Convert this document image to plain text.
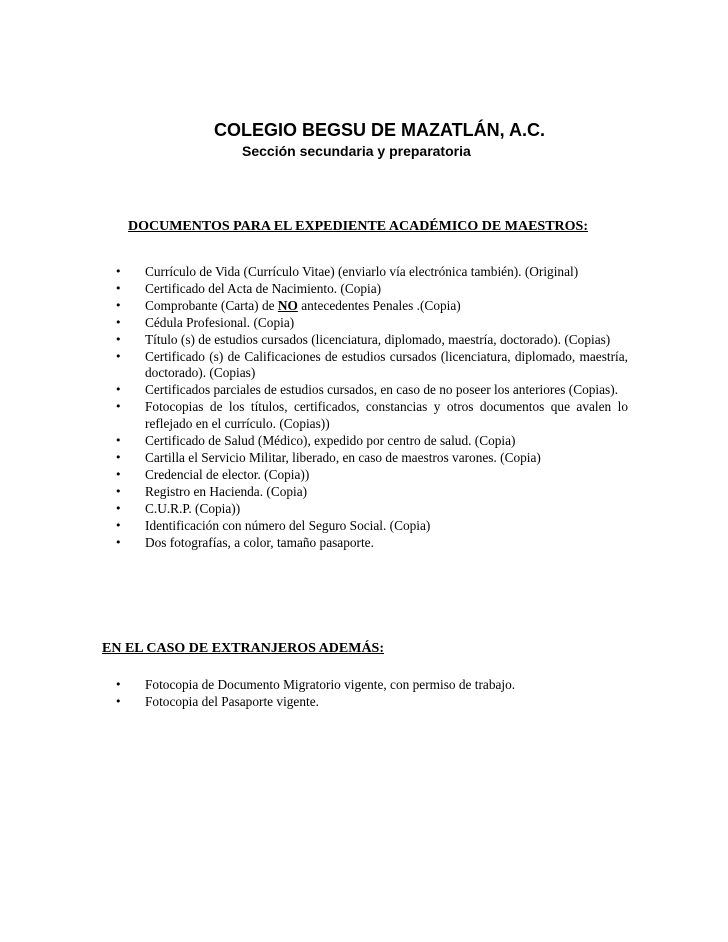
COLEGIO BEGSU DE MAZATLÁN, A.C.
Sección secundaria y preparatoria
DOCUMENTOS PARA EL EXPEDIENTE ACADÉMICO DE MAESTROS:
• Currículo de Vida (Currículo Vitae) (enviarlo vía electrónica también). (Original)
• Certificado del Acta de Nacimiento. (Copia)
• Comprobante (Carta) de NO antecedentes Penales .(Copia)
• Cédula Profesional. (Copia)
• Título (s) de estudios cursados (licenciatura, diplomado, maestría, doctorado). (Copias)
• Certificado (s) de Calificaciones de estudios cursados (licenciatura, diplomado, maestría, doctorado). (Copias)
• Certificados parciales de estudios cursados, en caso de no poseer los anteriores (Copias).
• Fotocopias de los títulos, certificados, constancias y otros documentos que avalen lo reflejado en el currículo. (Copias))
• Certificado de Salud (Médico), expedido por centro de salud. (Copia)
• Cartilla el Servicio Militar, liberado, en caso de maestros varones. (Copia)
• Credencial de elector. (Copia))
• Registro en Hacienda. (Copia)
• C.U.R.P. (Copia))
• Identificación con número del Seguro Social. (Copia)
• Dos fotografías, a color, tamaño pasaporte.
EN EL CASO DE EXTRANJEROS ADEMÁS:
• Fotocopia de Documento Migratorio vigente, con permiso de trabajo.
• Fotocopia del Pasaporte vigente.
